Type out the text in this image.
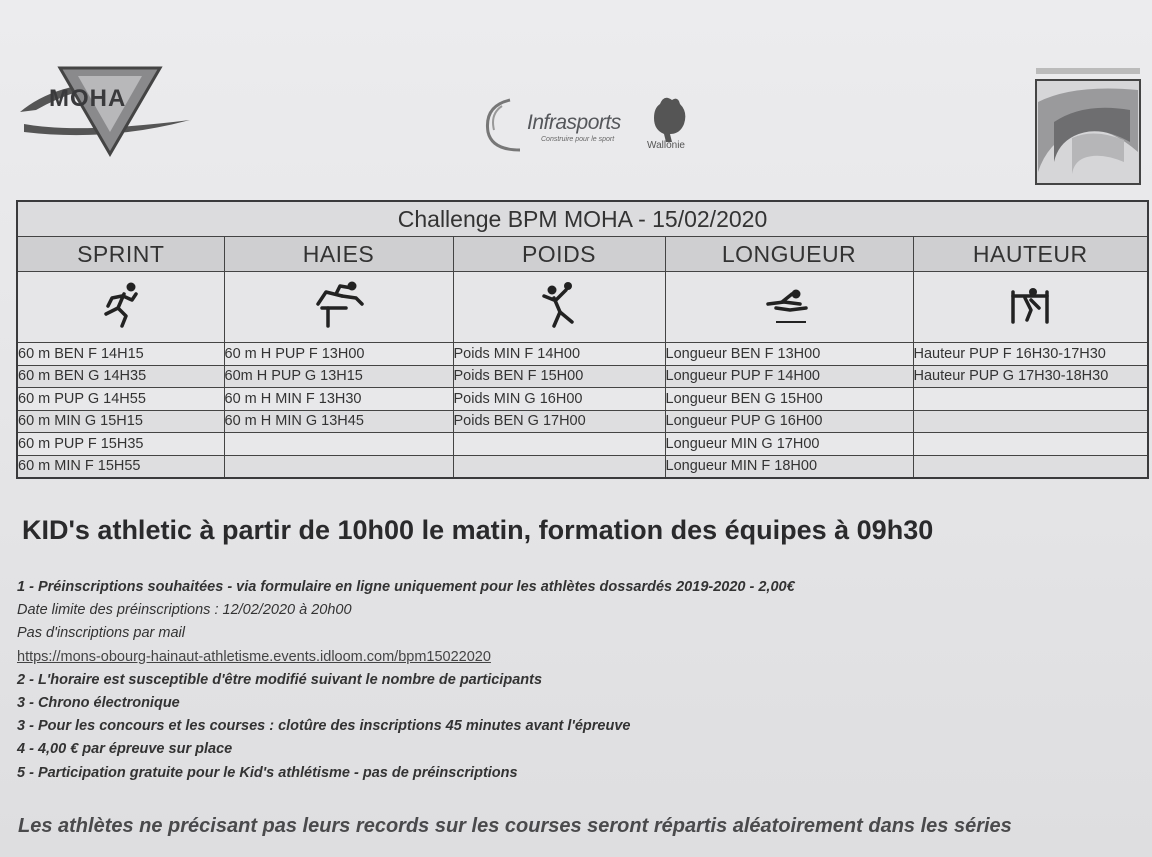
MOHA
Infrasports
Construire pour le sport
Wallonie
Challenge BPM MOHA - 15/02/2020				
SPRINT	HAIES	POIDS	LONGUEUR	HAUTEUR

60 m BEN F 14H15	60 m H PUP F 13H00	Poids MIN F 14H00	Longueur BEN F 13H00	Hauteur PUP F 16H30-17H30
60 m BEN G 14H35	60m H PUP G 13H15	Poids BEN F 15H00	Longueur PUP F 14H00	Hauteur PUP G 17H30-18H30
60 m PUP G 14H55	60 m H MIN F 13H30	Poids MIN G 16H00	Longueur BEN G 15H00	
60 m MIN G 15H15	60 m H MIN G 13H45	Poids BEN G 17H00	Longueur PUP G 16H00	
60 m PUP F 15H35			Longueur MIN G 17H00	
60 m MIN F 15H55			Longueur MIN F 18H00	
KID's athletic à partir de 10h00 le matin, formation des équipes à 09h30
1 - Préinscriptions souhaitées - via formulaire en ligne uniquement pour les athlètes dossardés 2019-2020 - 2,00€
Date limite des préinscriptions : 12/02/2020 à 20h00
Pas d'inscriptions par mail
https://mons-obourg-hainaut-athletisme.events.idloom.com/bpm15022020
2 - L'horaire est susceptible d'être modifié suivant le nombre de participants
3 - Chrono électronique
3 - Pour les concours et les courses : clotûre des inscriptions 45 minutes avant l'épreuve
4 - 4,00 € par épreuve sur place
5 - Participation gratuite pour le Kid's athlétisme - pas de préinscriptions
Les athlètes ne précisant pas leurs records sur les courses seront répartis aléatoirement dans les séries
